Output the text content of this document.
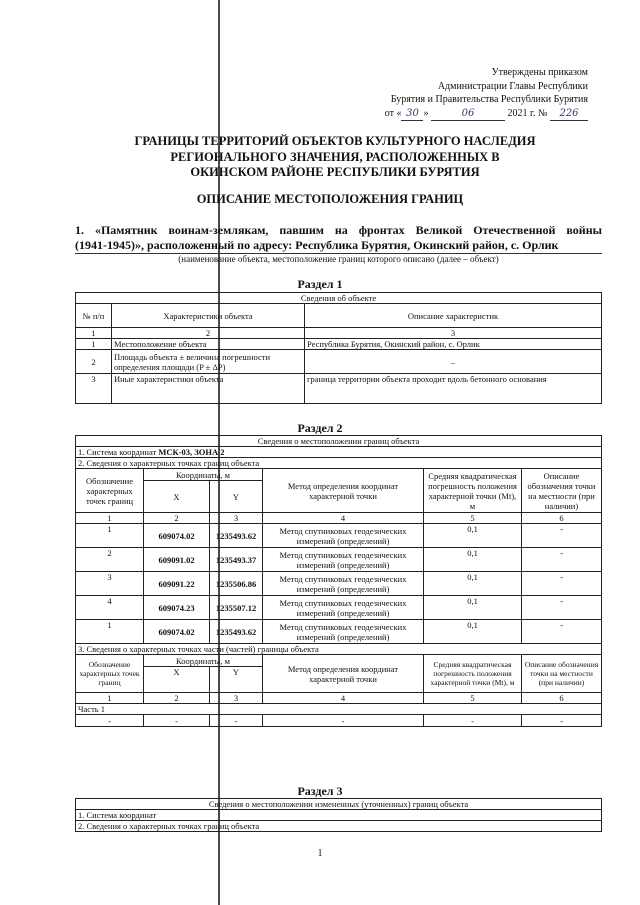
Утверждены приказом
Администрации Главы Республики
Бурятия и Правительства Республики Бурятия
от « 30 »	06	2021 г. № 226
ГРАНИЦЫ ТЕРРИТОРИЙ ОБЪЕКТОВ КУЛЬТУРНОГО НАСЛЕДИЯ
РЕГИОНАЛЬНОГО ЗНАЧЕНИЯ, РАСПОЛОЖЕННЫХ В
ОКИНСКОМ РАЙОНЕ РЕСПУБЛИКИ БУРЯТИЯ
ОПИСАНИЕ МЕСТОПОЛОЖЕНИЯ ГРАНИЦ
1. «Памятник воинам-землякам, павшим на фронтах Великой Отечественной войны
(1941-1945)», расположенный по адресу: Республика Бурятия, Окинский район, с. Орлик
(наименование объекта, местоположение границ которого описано (далее – объект)
Раздел 1
Сведения об объекте		
№ п/п	Характеристики объекта	Описание характеристик
1	2	3
1	Местоположение объекта	Республика Бурятия, Окинский район, с. Орлик
2	Площадь объекта ± величина погрешности определения площади (P ± ΔP)	–
3	Иные характеристики объекта	граница территории объекта проходит вдоль бетонного основания
Раздел 2
Сведения о местоположении границ объекта					
1. Система координат МСК-03, ЗОНА 2					
2. Сведения о характерных точках границ объекта					
Обозначение характерных точек границ	Координаты, м		Метод определения координат характерной точки	Средняя квадратическая погрешность положения характерной точки (Mt), м	Описание обозначения точки на местности (при наличии)
	X	Y			
1	2	3	4	5	6
1	609074.02	1235493.62	Метод спутниковых геодезических измерений (определений)	0,1	-
2	609091.02	1235493.37	Метод спутниковых геодезических измерений (определений)	0,1	-
3	609091.22	1235506.86	Метод спутниковых геодезических измерений (определений)	0,1	-
4	609074.23	1235507.12	Метод спутниковых геодезических измерений (определений)	0,1	-
1	609074.02	1235493.62	Метод спутниковых геодезических измерений (определений)	0,1	-
3. Сведения о характерных точках части (частей) границы объекта					
Обозначение характерных точек границ	Координаты, м		Метод определения координат характерной точки	Средняя квадратическая погрешность положения характерной точки (Mt), м	Описание обозначения точки на местности (при наличии)
	X	Y			
1	2	3	4	5	6
Часть 1					
-	-	-	-	-	-
Раздел 3
Сведения о местоположении измененных (уточненных) границ объекта
1. Система координат
2. Сведения о характерных точках границ объекта
1
